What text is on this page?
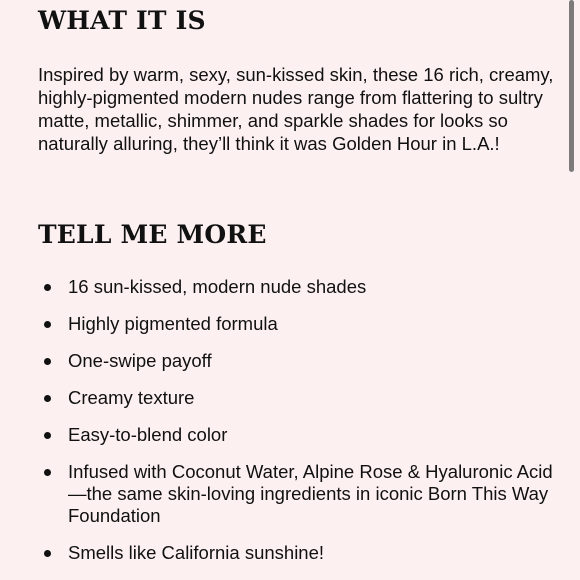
WHAT IT IS

Inspired by warm, sexy, sun-kissed skin, these 16 rich, creamy, highly-pigmented modern nudes range from flattering to sultry matte, metallic, shimmer, and sparkle shades for looks so naturally alluring, they’ll think it was Golden Hour in L.A.!

TELL ME MORE
16 sun-kissed, modern nude shades
Highly pigmented formula
One-swipe payoff
Creamy texture
Easy-to-blend color
Infused with Coconut Water, Alpine Rose & Hyaluronic Acid—the same skin-loving ingredients in iconic Born This Way Foundation
Smells like California sunshine!
